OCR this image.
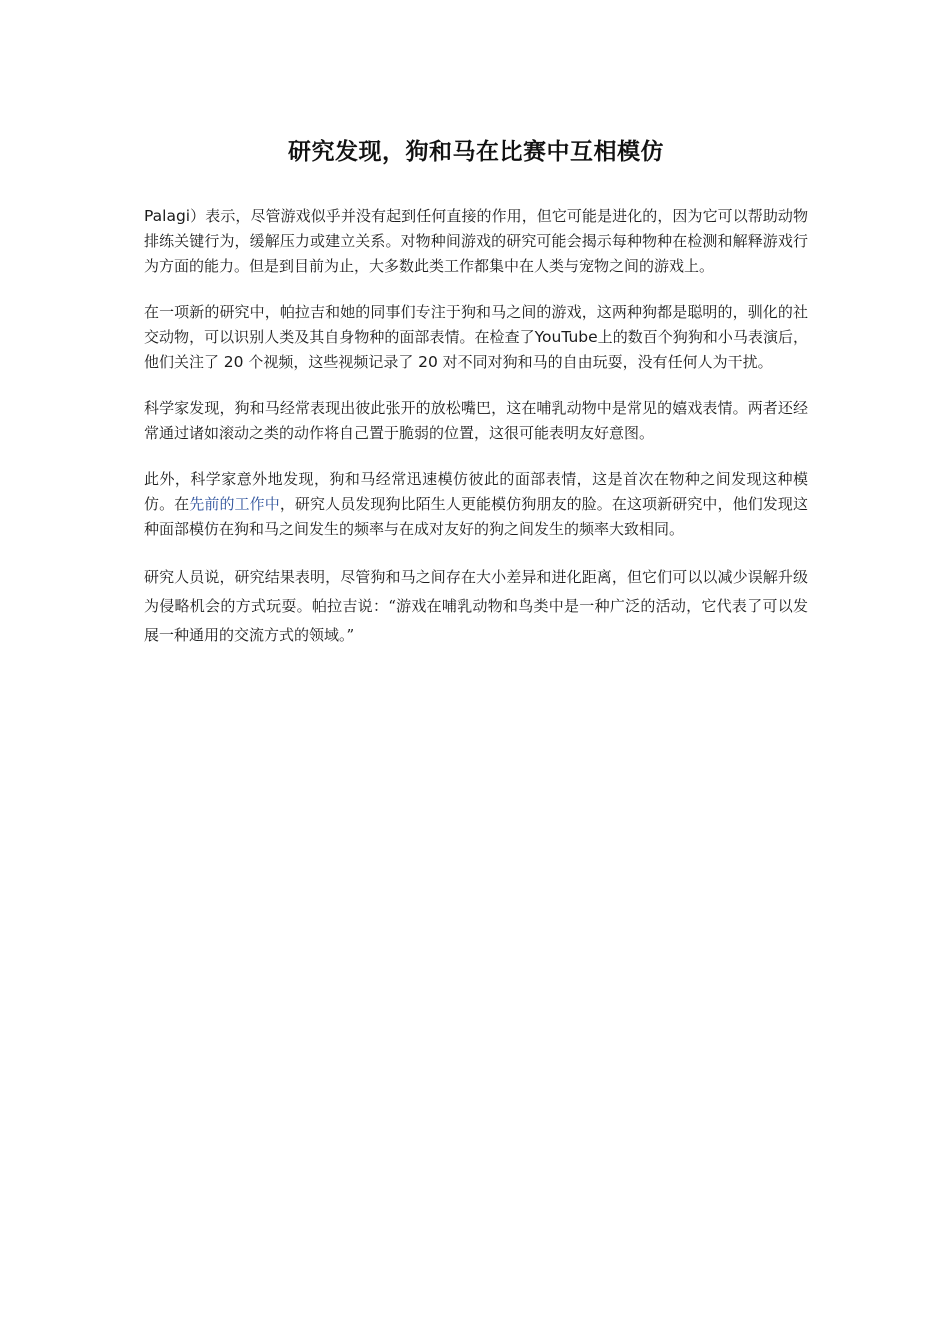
研究发现，狗和马在比赛中互相模仿

Palagi）表示，尽管游戏似乎并没有起到任何直接的作用，但它可能是进化的，因为它可以帮助动物排练关键行为，缓解压力或建立关系。对物种间游戏的研究可能会揭示每种物种在检测和解释游戏行为方面的能力。但是到目前为止，大多数此类工作都集中在人类与宠物之间的游戏上。

在一项新的研究中，帕拉吉和她的同事们专注于狗和马之间的游戏，这两种狗都是聪明的，驯化的社交动物，可以识别人类及其自身物种的面部表情。在检查了YouTube上的数百个狗狗和小马表演后，他们关注了 20 个视频，这些视频记录了 20 对不同对狗和马的自由玩耍，没有任何人为干扰。

科学家发现，狗和马经常表现出彼此张开的放松嘴巴，这在哺乳动物中是常见的嬉戏表情。两者还经常通过诸如滚动之类的动作将自己置于脆弱的位置，这很可能表明友好意图。

此外，科学家意外地发现，狗和马经常迅速模仿彼此的面部表情，这是首次在物种之间发现这种模仿。在先前的工作中，研究人员发现狗比陌生人更能模仿狗朋友的脸。在这项新研究中，他们发现这种面部模仿在狗和马之间发生的频率与在成对友好的狗之间发生的频率大致相同。

研究人员说，研究结果表明，尽管狗和马之间存在大小差异和进化距离，但它们可以以减少误解升级为侵略机会的方式玩耍。帕拉吉说：“游戏在哺乳动物和鸟类中是一种广泛的活动，它代表了可以发展一种通用的交流方式的领域。”
